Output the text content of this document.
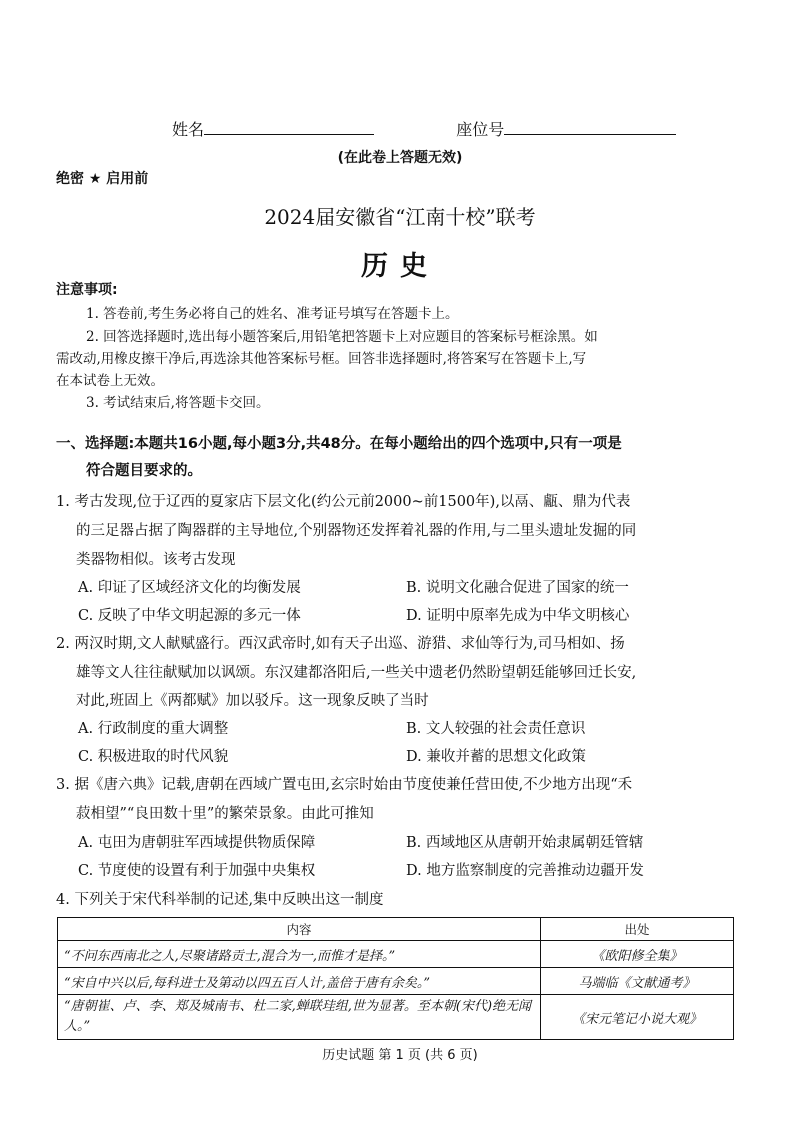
姓名	座位号
(在此卷上答题无效)
绝密 ★ 启用前
2024届安徽省“江南十校”联考
历史
注意事项:
1. 答卷前,考生务必将自己的姓名、准考证号填写在答题卡上。
2. 回答选择题时,选出每小题答案后,用铅笔把答题卡上对应题目的答案标号框涂黑。如
需改动,用橡皮擦干净后,再选涂其他答案标号框。回答非选择题时,将答案写在答题卡上,写
在本试卷上无效。
3. 考试结束后,将答题卡交回。
一、选择题:本题共16小题,每小题3分,共48分。在每小题给出的四个选项中,只有一项是
符合题目要求的。
1. 考古发现,位于辽西的夏家店下层文化(约公元前2000~前1500年),以鬲、甗、鼎为代表
的三足器占据了陶器群的主导地位,个别器物还发挥着礼器的作用,与二里头遗址发掘的同
类器物相似。该考古发现
A. 印证了区域经济文化的均衡发展	B. 说明文化融合促进了国家的统一
C. 反映了中华文明起源的多元一体	D. 证明中原率先成为中华文明核心
2. 两汉时期,文人献赋盛行。西汉武帝时,如有天子出巡、游猎、求仙等行为,司马相如、扬
雄等文人往往献赋加以讽颂。东汉建都洛阳后,一些关中遗老仍然盼望朝廷能够回迁长安,
对此,班固上《两都赋》加以驳斥。这一现象反映了当时
A. 行政制度的重大调整	B. 文人较强的社会责任意识
C. 积极进取的时代风貌	D. 兼收并蓄的思想文化政策
3. 据《唐六典》记载,唐朝在西域广置屯田,玄宗时始由节度使兼任营田使,不少地方出现“禾
菽相望”“良田数十里”的繁荣景象。由此可推知
A. 屯田为唐朝驻军西域提供物质保障	B. 西域地区从唐朝开始隶属朝廷管辖
C. 节度使的设置有利于加强中央集权	D. 地方监察制度的完善推动边疆开发
4. 下列关于宋代科举制的记述,集中反映出这一制度
内容	出处
“不问东西南北之人,尽聚诸路贡士,混合为一,而惟才是择。”	《欧阳修全集》
“宋自中兴以后,每科进士及第动以四五百人计,盖倍于唐有余矣。”	马端临《文献通考》
“唐朝崔、卢、李、郑及城南韦、杜二家,蝉联珪组,世为显著。至本朝(宋代)绝无闻人。”	《宋元笔记小说大观》
历史试题 第 1 页 (共 6 页)
